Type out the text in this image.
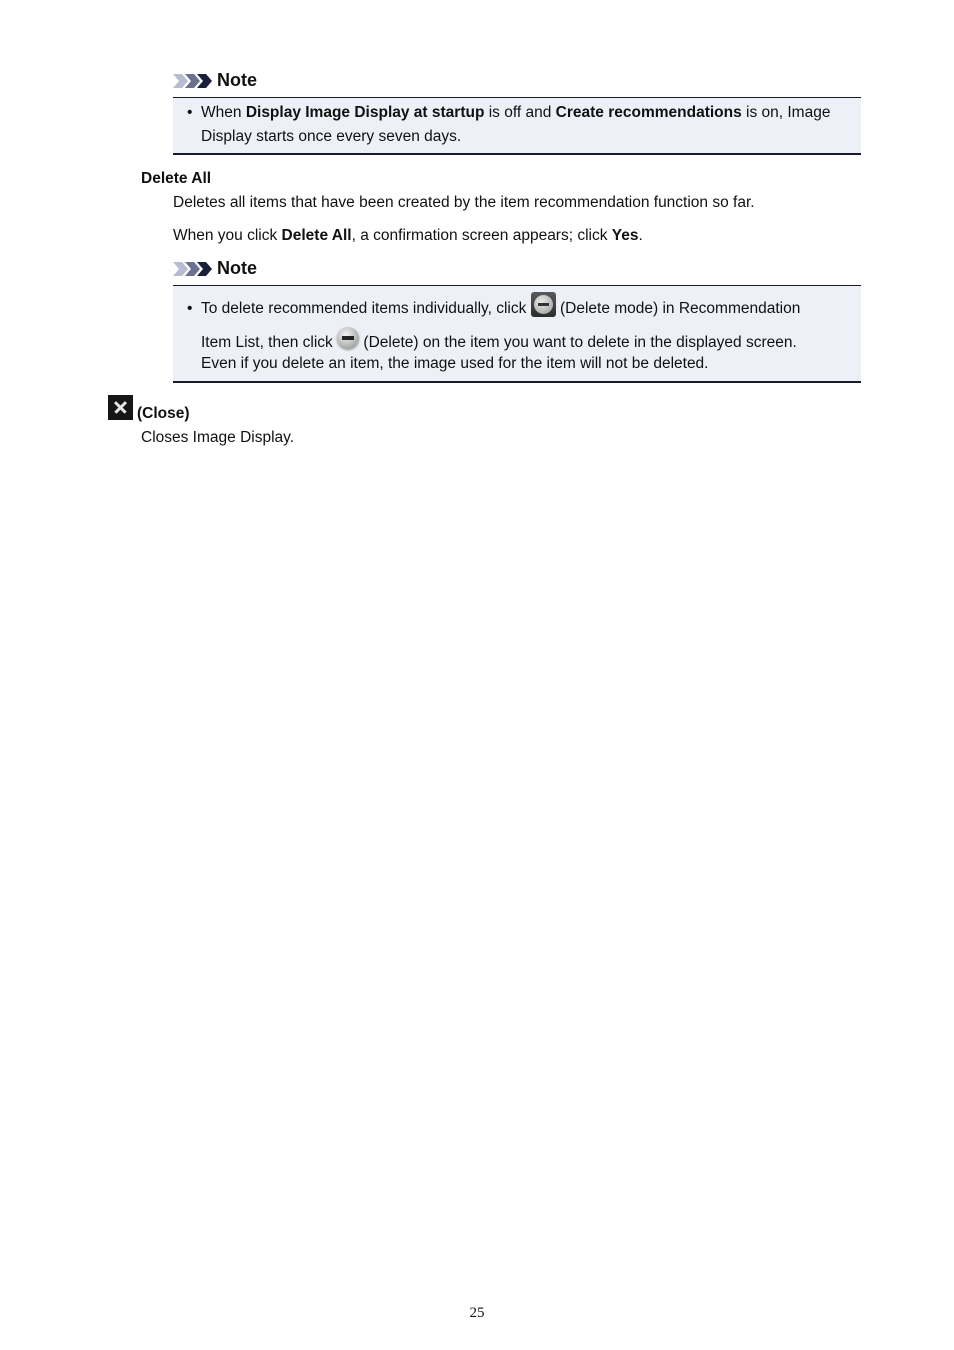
Note
• When Display Image Display at startup is off and Create recommendations is on, Image
Display starts once every seven days.
Delete All
Deletes all items that have been created by the item recommendation function so far.
When you click Delete All, a confirmation screen appears; click Yes.
Note
• To delete recommended items individually, click  (Delete mode) in Recommendation
Item List, then click  (Delete) on the item you want to delete in the displayed screen.
Even if you delete an item, the image used for the item will not be deleted.
(Close)
Closes Image Display.
25
